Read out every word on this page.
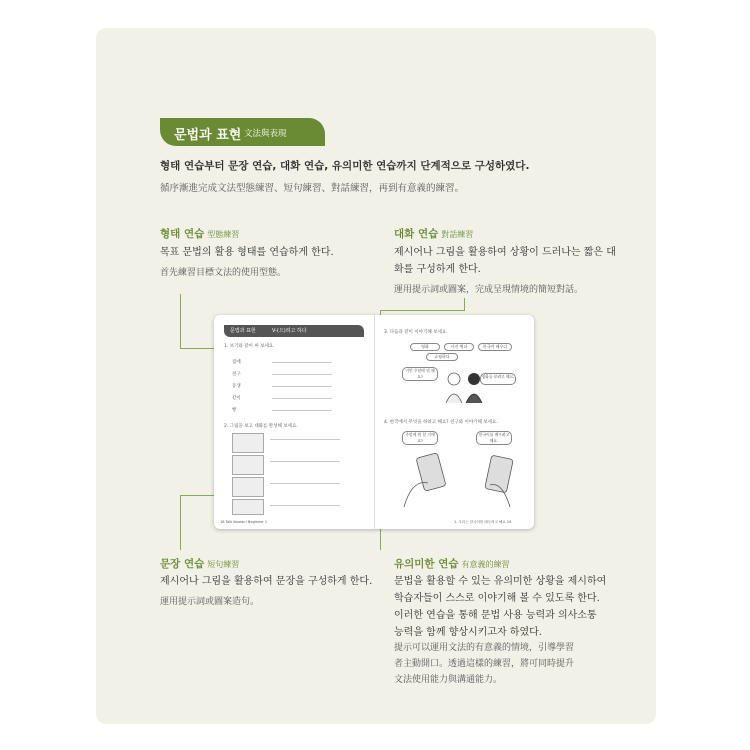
문법과 표현 文法與表現
형태 연습부터 문장 연습, 대화 연습, 유의미한 연습까지 단계적으로 구성하였다.
循序漸進完成文法型態練習、短句練習、對話練習，再到有意義的練習。
형태 연습 型態練習
목표 문법의 활용 형태를 연습하게 한다.
首先練習目標文法的使用型態。
대화 연습 對話練習
제시어나 그림을 활용하여 상황이 드러나는 짧은 대
화를 구성하게 한다.
運用提示詞或圖案，完成呈現情境的簡短對話。
문법과 표현	V-(으)려고 하다
1. 보기와 같이 써 보세요.
집에
친구
동생
같이
빵
2. 그림을 보고 대화를 완성해 보세요.
18 Talk Korean! Beginner 1
3. 다음과 같이 이야기해 보세요.
영화	사진 찍다	한국어 배우다
쇼핑하다
이번 주말에 뭐 해요?	영화를 보려고 해요.
4. 한국에서 무엇을 하려고 해요? 친구와 이야기해 보세요.
주말에 뭐 할 거예요?
한국어를 배우려고 해요.
1. 우리는 한국어를 배우려고 해요 19
문장 연습 短句練習
제시어나 그림을 활용하여 문장을 구성하게 한다.
運用提示詞或圖案造句。
유의미한 연습 有意義的練習
문법을 활용할 수 있는 유의미한 상황을 제시하여
학습자들이 스스로 이야기해 볼 수 있도록 한다.
이러한 연습을 통해 문법 사용 능력과 의사소통
능력을 함께 향상시키고자 하였다.
提示可以運用文法的有意義的情境，引導學習
者主動開口。透過這樣的練習，將可同時提升
文法使用能力與溝通能力。
